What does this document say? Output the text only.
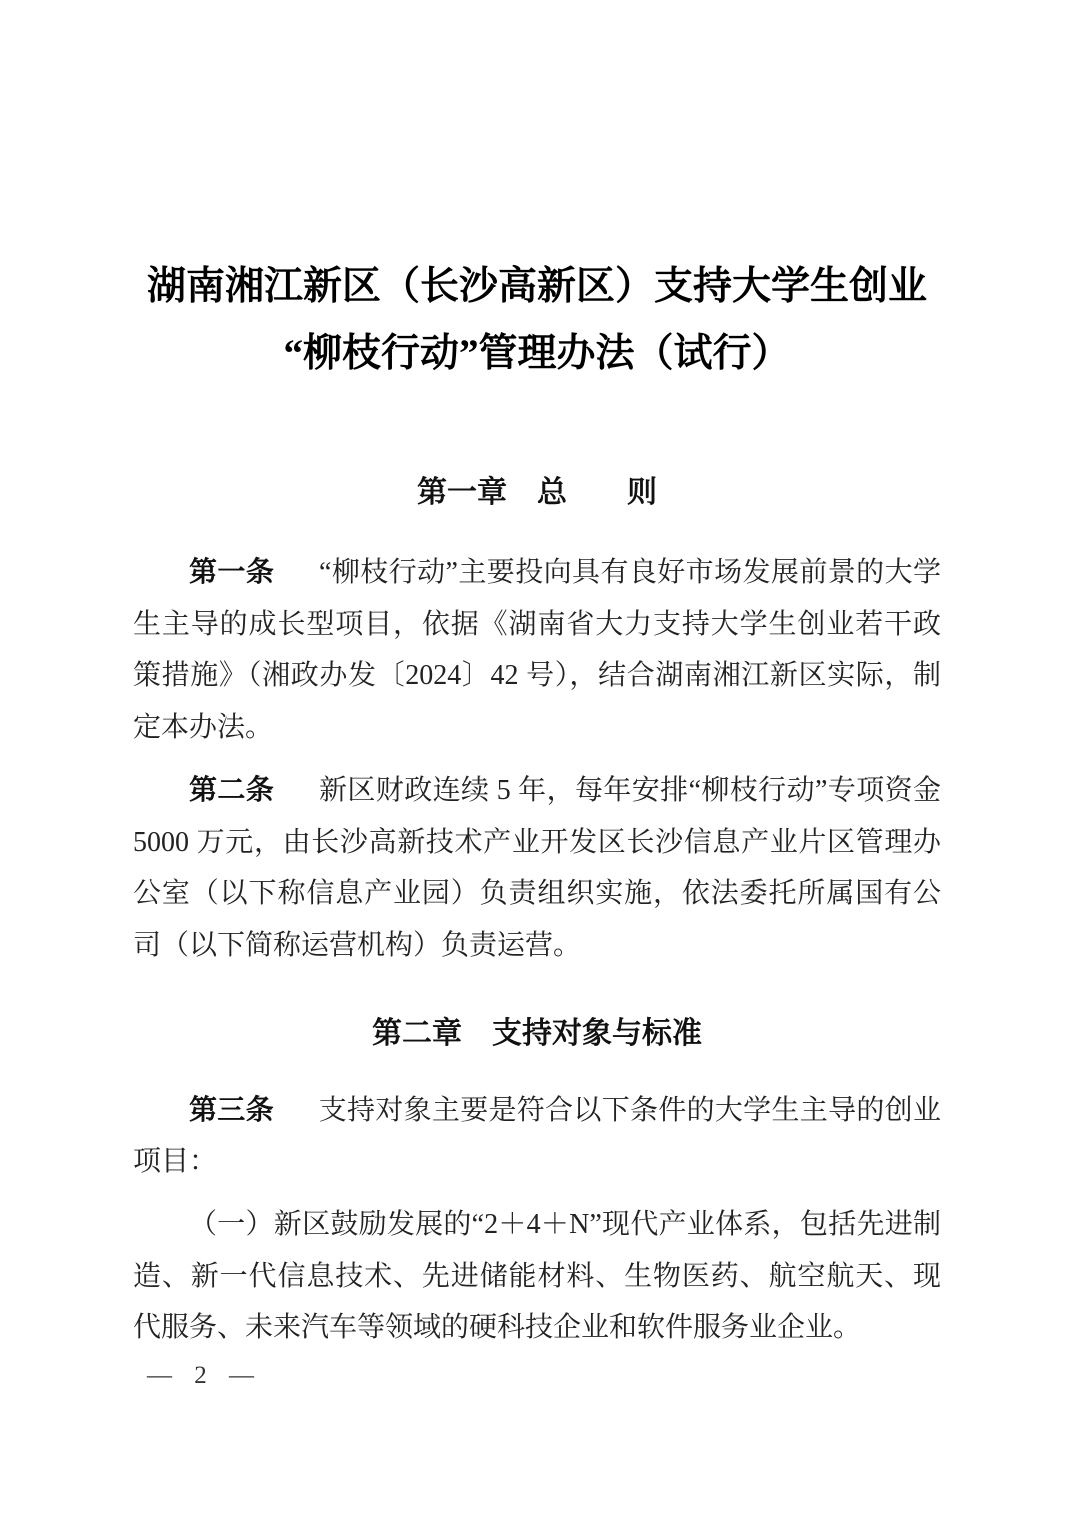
湖南湘江新区（长沙高新区）支持大学生创业
“柳枝行动”管理办法（试行）
第一章　总　　则

第一条 “柳枝行动”主要投向具有良好市场发展前景的大学生主导的成长型项目，依据《湖南省大力支持大学生创业若干政策措施》（湘政办发〔2024〕42 号），结合湖南湘江新区实际，制定本办法。

第二条 新区财政连续 5 年，每年安排“柳枝行动”专项资金 5000 万元，由长沙高新技术产业开发区长沙信息产业片区管理办公室（以下称信息产业园）负责组织实施，依法委托所属国有公司（以下简称运营机构）负责运营。

第二章　支持对象与标准

第三条 支持对象主要是符合以下条件的大学生主导的创业项目：

（一）新区鼓励发展的“2＋4＋N”现代产业体系，包括先进制造、新一代信息技术、先进储能材料、生物医药、航空航天、现代服务、未来汽车等领域的硬科技企业和软件服务业企业。

— 2 —
